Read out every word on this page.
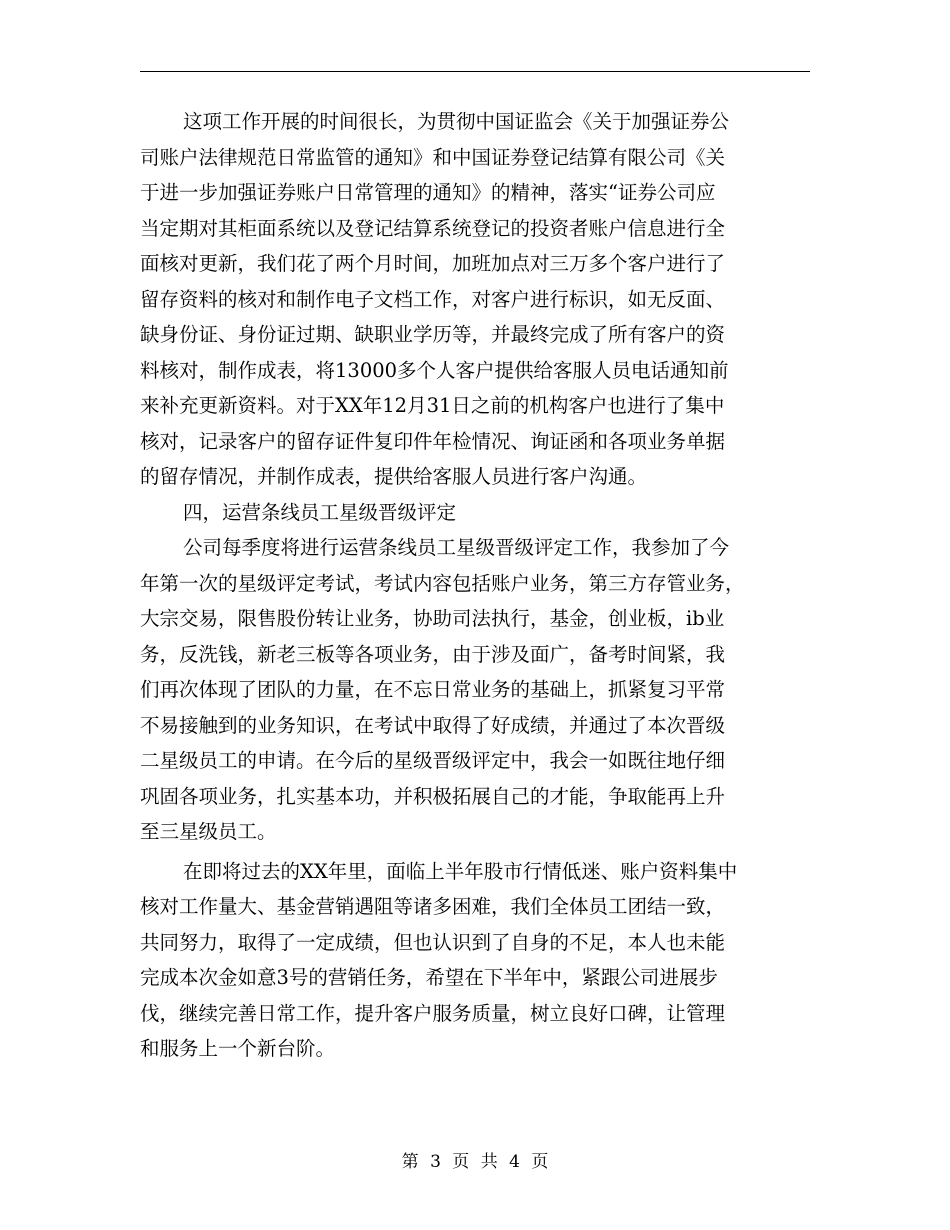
这项工作开展的时间很长，为贯彻中国证监会《关于加强证券公
司账户法律规范日常监管的通知》和中国证券登记结算有限公司《关
于进一步加强证券账户日常管理的通知》的精神，落实“证券公司应
当定期对其柜面系统以及登记结算系统登记的投资者账户信息进行全
面核对更新，我们花了两个月时间，加班加点对三万多个客户进行了
留存资料的核对和制作电子文档工作，对客户进行标识，如无反面、
缺身份证、身份证过期、缺职业学历等，并最终完成了所有客户的资
料核对，制作成表，将13000多个人客户提供给客服人员电话通知前
来补充更新资料。对于XX年12月31日之前的机构客户也进行了集中
核对，记录客户的留存证件复印件年检情况、询证函和各项业务单据
的留存情况，并制作成表，提供给客服人员进行客户沟通。
四，运营条线员工星级晋级评定
公司每季度将进行运营条线员工星级晋级评定工作，我参加了今
年第一次的星级评定考试，考试内容包括账户业务，第三方存管业务，
大宗交易，限售股份转让业务，协助司法执行，基金，创业板，ib业
务，反洗钱，新老三板等各项业务，由于涉及面广，备考时间紧，我
们再次体现了团队的力量，在不忘日常业务的基础上，抓紧复习平常
不易接触到的业务知识，在考试中取得了好成绩，并通过了本次晋级
二星级员工的申请。在今后的星级晋级评定中，我会一如既往地仔细
巩固各项业务，扎实基本功，并积极拓展自己的才能，争取能再上升
至三星级员工。
在即将过去的XX年里，面临上半年股市行情低迷、账户资料集中
核对工作量大、基金营销遇阻等诸多困难，我们全体员工团结一致，
共同努力，取得了一定成绩，但也认识到了自身的不足，本人也未能
完成本次金如意3号的营销任务，希望在下半年中，紧跟公司进展步
伐，继续完善日常工作，提升客户服务质量，树立良好口碑，让管理
和服务上一个新台阶。
第 3 页 共 4 页
